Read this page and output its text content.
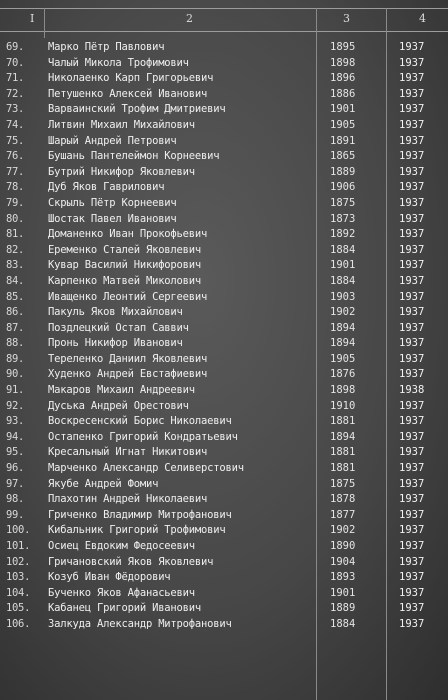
I	2	3	4
69.	Марко Пётр Павлович	1895	1937
70.	Чалый Микола Трофимович	1898	1937
71.	Николаенко Карп Григорьевич	1896	1937
72.	Петушенко Алексей Иванович	1886	1937
73.	Варваинский Трофим Дмитриевич	1901	1937
74.	Литвин Михаил Михайлович	1905	1937
75.	Шарый Андрей Петрович	1891	1937
76.	Бушань Пантелеймон Корнеевич	1865	1937
77.	Бутрий Никифор Яковлевич	1889	1937
78.	Дуб Яков Гаврилович	1906	1937
79.	Скрыль Пётр Корнеевич	1875	1937
80.	Шостак Павел Иванович	1873	1937
81.	Доманенко Иван Прокофьевич	1892	1937
82.	Еременко Сталей Яковлевич	1884	1937
83.	Кувар Василий Никифорович	1901	1937
84.	Карпенко Матвей Миколович	1884	1937
85.	Иващенко Леонтий Сергеевич	1903	1937
86.	Пакуль Яков Михайлович	1902	1937
87.	Поздлецкий Остап Саввич	1894	1937
88.	Пронь Никифор Иванович	1894	1937
89.	Тереленко Даниил Яковлевич	1905	1937
90.	Худенко Андрей Евстафиевич	1876	1937
91.	Макаров Михаил Андреевич	1898	1938
92.	Дуська Андрей Орестович	1910	1937
93.	Воскресенский Борис Николаевич	1881	1937
94.	Остапенко Григорий Кондратьевич	1894	1937
95.	Кресальный Игнат Никитович	1881	1937
96.	Марченко Александр Селиверстович	1881	1937
97.	Якубе Андрей Фомич	1875	1937
98.	Плахотин Андрей Николаевич	1878	1937
99.	Гриченко Владимир Митрофанович	1877	1937
100.	Кибальник Григорий Трофимович	1902	1937
101.	Осиец Евдоким Федосеевич	1890	1937
102.	Гричановский Яков Яковлевич	1904	1937
103.	Козуб Иван Фёдорович	1893	1937
104.	Бученко Яков Афанасьевич	1901	1937
105.	Кабанец Григорий Иванович	1889	1937
106.	Залкуда Александр Митрофанович	1884	1937
